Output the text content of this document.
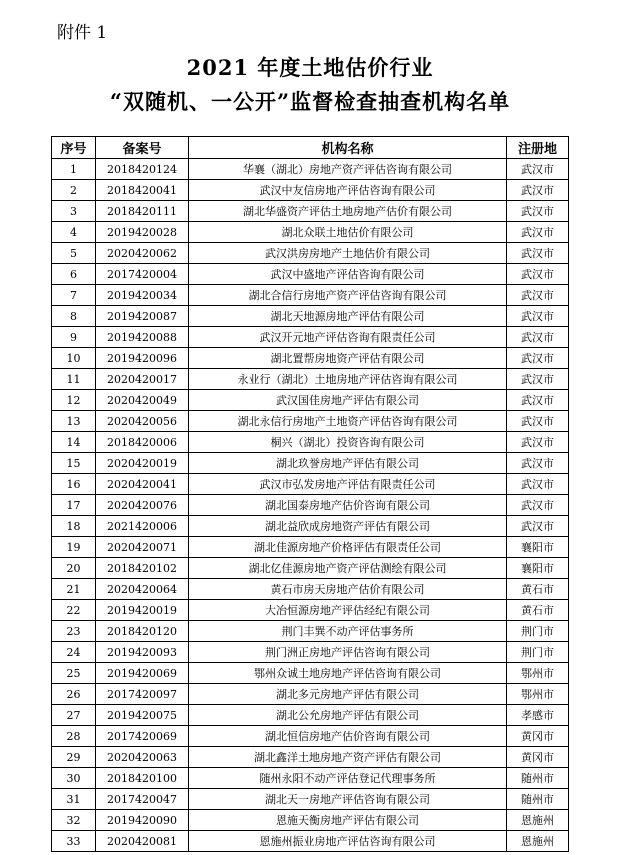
附件 1
2021 年度土地估价行业
“双随机、一公开”监督检查抽查机构名单
序号	备案号	机构名称	注册地
1	2018420124	华襄（湖北）房地产资产评估咨询有限公司	武汉市
2	2018420041	武汉中友信房地产评估咨询有限公司	武汉市
3	2018420111	湖北华盛资产评估土地房地产估价有限公司	武汉市
4	2019420028	湖北众联土地估价有限公司	武汉市
5	2020420062	武汉洪房房地产土地估价有限公司	武汉市
6	2017420004	武汉中盛地产评估咨询有限公司	武汉市
7	2019420034	湖北合信行房地产资产评估咨询有限公司	武汉市
8	2019420087	湖北天地源房地产评估有限公司	武汉市
9	2019420088	武汉开元地产评估咨询有限责任公司	武汉市
10	2019420096	湖北置帮房地资产评估有限公司	武汉市
11	2020420017	永业行（湖北）土地房地产评估咨询有限公司	武汉市
12	2020420049	武汉国佳房地产评估有限公司	武汉市
13	2020420056	湖北永信行房地产土地资产评估咨询有限公司	武汉市
14	2018420006	桐兴（湖北）投资咨询有限公司	武汉市
15	2020420019	湖北玖誉房地产评估有限公司	武汉市
16	2020420041	武汉市弘发房地产评估有限责任公司	武汉市
17	2020420076	湖北国泰房地产估价咨询有限公司	武汉市
18	2021420006	湖北益欣成房地资产评估有限公司	武汉市
19	2020420071	湖北佳源房地产价格评估有限责任公司	襄阳市
20	2018420102	湖北亿佳源房地产资产评估测绘有限公司	襄阳市
21	2020420064	黄石市房天房地产估价有限公司	黄石市
22	2019420019	大冶恒源房地产评估经纪有限公司	黄石市
23	2018420120	荆门丰巽不动产评估事务所	荆门市
24	2019420093	荆门洲正房地产评估咨询有限公司	荆门市
25	2019420069	鄂州众诚土地房地产评估咨询有限公司	鄂州市
26	2017420097	湖北多元房地产评估有限公司	鄂州市
27	2019420075	湖北公允房地产评估有限公司	孝感市
28	2017420069	湖北恒信房地产估价咨询有限公司	黄冈市
29	2020420063	湖北鑫洋土地房地产资产评估有限公司	黄冈市
30	2018420100	随州永阳不动产评估登记代理事务所	随州市
31	2017420047	湖北天一房地产评估咨询有限公司	随州市
32	2019420090	恩施天衡房地产评估有限公司	恩施州
33	2020420081	恩施州振业房地产评估咨询有限公司	恩施州
